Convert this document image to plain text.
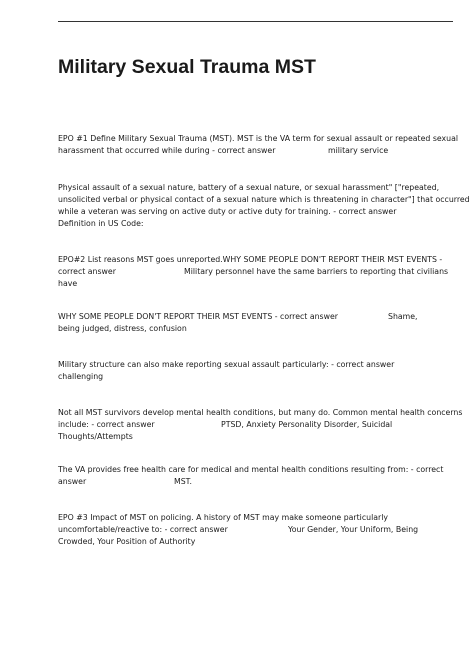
Military Sexual Trauma MST
EPO #1 Define Military Sexual Trauma (MST). MST is the VA term for sexual assault or repeated sexual
harassment that occurred while during - correct answer	military service
Physical assault of a sexual nature, battery of a sexual nature, or sexual harassment" ["repeated,
unsolicited verbal or physical contact of a sexual nature which is threatening in character"] that occurred
while a veteran was serving on active duty or active duty for training. - correct answer
Definition in US Code:
EPO#2 List reasons MST goes unreported.WHY SOME PEOPLE DON'T REPORT THEIR MST EVENTS -
correct answer	Military personnel have the same barriers to reporting that civilians
have
WHY SOME PEOPLE DON'T REPORT THEIR MST EVENTS - correct answer	Shame,
being judged, distress, confusion
Military structure can also make reporting sexual assault particularly: - correct answer
challenging
Not all MST survivors develop mental health conditions, but many do. Common mental health concerns
include: - correct answer	PTSD, Anxiety Personality Disorder, Suicidal
Thoughts/Attempts
The VA provides free health care for medical and mental health conditions resulting from: - correct
answer	MST.
EPO #3 Impact of MST on policing. A history of MST may make someone particularly
uncomfortable/reactive to: - correct answer	Your Gender, Your Uniform, Being
Crowded, Your Position of Authority
